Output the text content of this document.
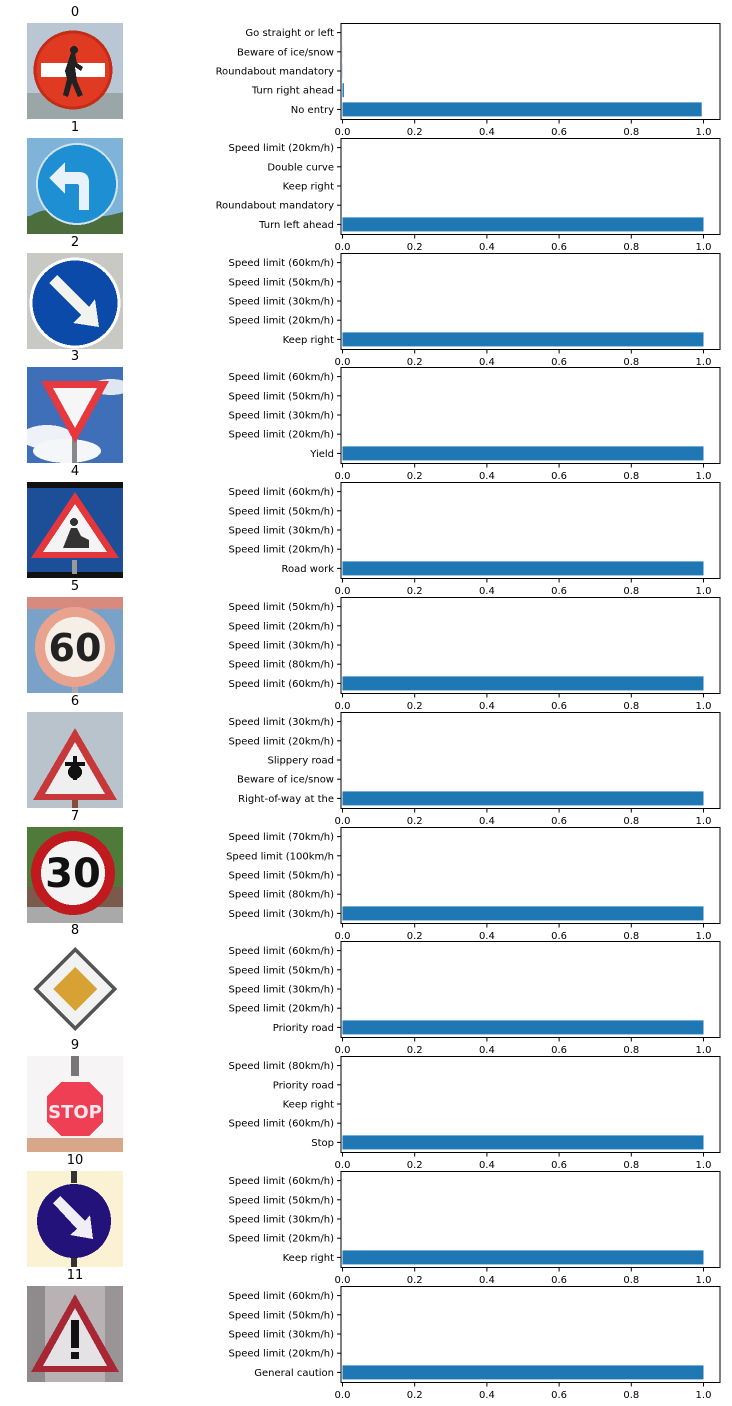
0
No entry
Turn right ahead
Roundabout mandatory
Beware of ice/snow
Go straight or left
0.0	0.2	0.4	0.6	0.8	1.0
1
Turn left ahead
Roundabout mandatory
Keep right
Double curve
Speed limit (20km/h)
0.0	0.2	0.4	0.6	0.8	1.0
2
Keep right
Speed limit (20km/h)
Speed limit (30km/h)
Speed limit (50km/h)
Speed limit (60km/h)
0.0	0.2	0.4	0.6	0.8	1.0
3
Yield
Speed limit (20km/h)
Speed limit (30km/h)
Speed limit (50km/h)
Speed limit (60km/h)
0.0	0.2	0.4	0.6	0.8	1.0
4
Road work
Speed limit (20km/h)
Speed limit (30km/h)
Speed limit (50km/h)
Speed limit (60km/h)
0.0	0.2	0.4	0.6	0.8	1.0
5
60
Speed limit (60km/h)
Speed limit (80km/h)
Speed limit (30km/h)
Speed limit (20km/h)
Speed limit (50km/h)
0.0	0.2	0.4	0.6	0.8	1.0
6
Right-of-way at the
Beware of ice/snow
Slippery road
Speed limit (20km/h)
Speed limit (30km/h)
0.0	0.2	0.4	0.6	0.8	1.0
7
30
Speed limit (30km/h)
Speed limit (80km/h)
Speed limit (50km/h)
Speed limit (100km/h
Speed limit (70km/h)
0.0	0.2	0.4	0.6	0.8	1.0
8
Priority road
Speed limit (20km/h)
Speed limit (30km/h)
Speed limit (50km/h)
Speed limit (60km/h)
0.0	0.2	0.4	0.6	0.8	1.0
9
STOP
Stop
Speed limit (60km/h)
Keep right
Priority road
Speed limit (80km/h)
0.0	0.2	0.4	0.6	0.8	1.0
10
Keep right
Speed limit (20km/h)
Speed limit (30km/h)
Speed limit (50km/h)
Speed limit (60km/h)
0.0	0.2	0.4	0.6	0.8	1.0
11
General caution
Speed limit (20km/h)
Speed limit (30km/h)
Speed limit (50km/h)
Speed limit (60km/h)
0.0	0.2	0.4	0.6	0.8	1.0
